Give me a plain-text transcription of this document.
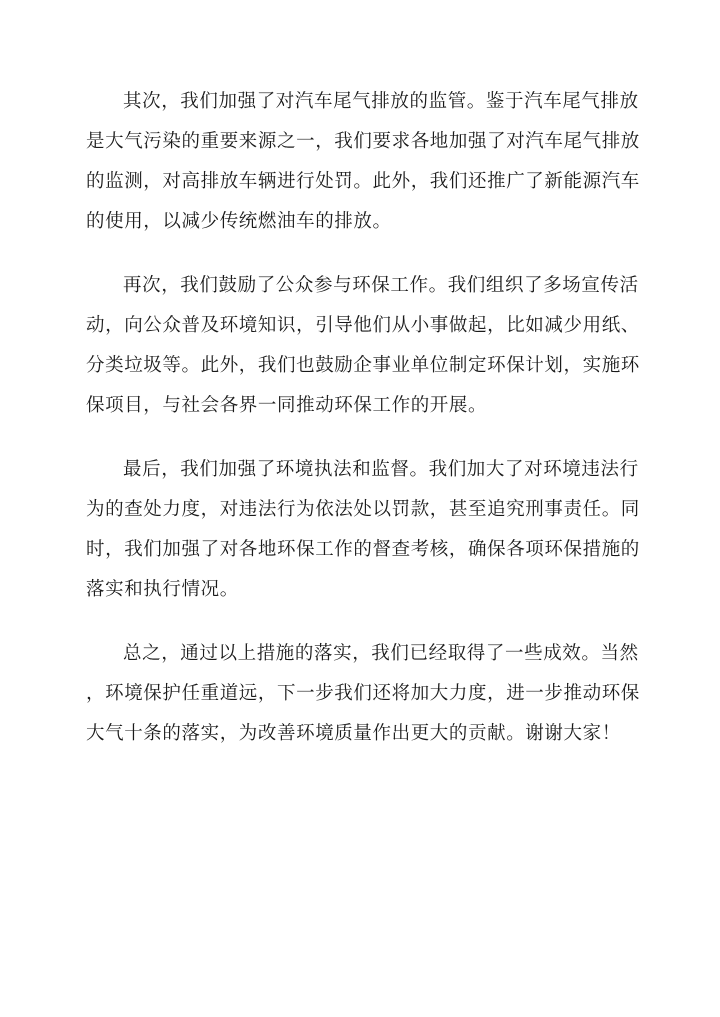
其次，我们加强了对汽车尾气排放的监管。鉴于汽车尾气排放
是大气污染的重要来源之一，我们要求各地加强了对汽车尾气排放
的监测，对高排放车辆进行处罚。此外，我们还推广了新能源汽车
的使用，以减少传统燃油车的排放。
再次，我们鼓励了公众参与环保工作。我们组织了多场宣传活
动，向公众普及环境知识，引导他们从小事做起，比如减少用纸、
分类垃圾等。此外，我们也鼓励企事业单位制定环保计划，实施环
保项目，与社会各界一同推动环保工作的开展。
最后，我们加强了环境执法和监督。我们加大了对环境违法行
为的查处力度，对违法行为依法处以罚款，甚至追究刑事责任。同
时，我们加强了对各地环保工作的督查考核，确保各项环保措施的
落实和执行情况。
总之，通过以上措施的落实，我们已经取得了一些成效。当然
，环境保护任重道远，下一步我们还将加大力度，进一步推动环保
大气十条的落实，为改善环境质量作出更大的贡献。谢谢大家！
